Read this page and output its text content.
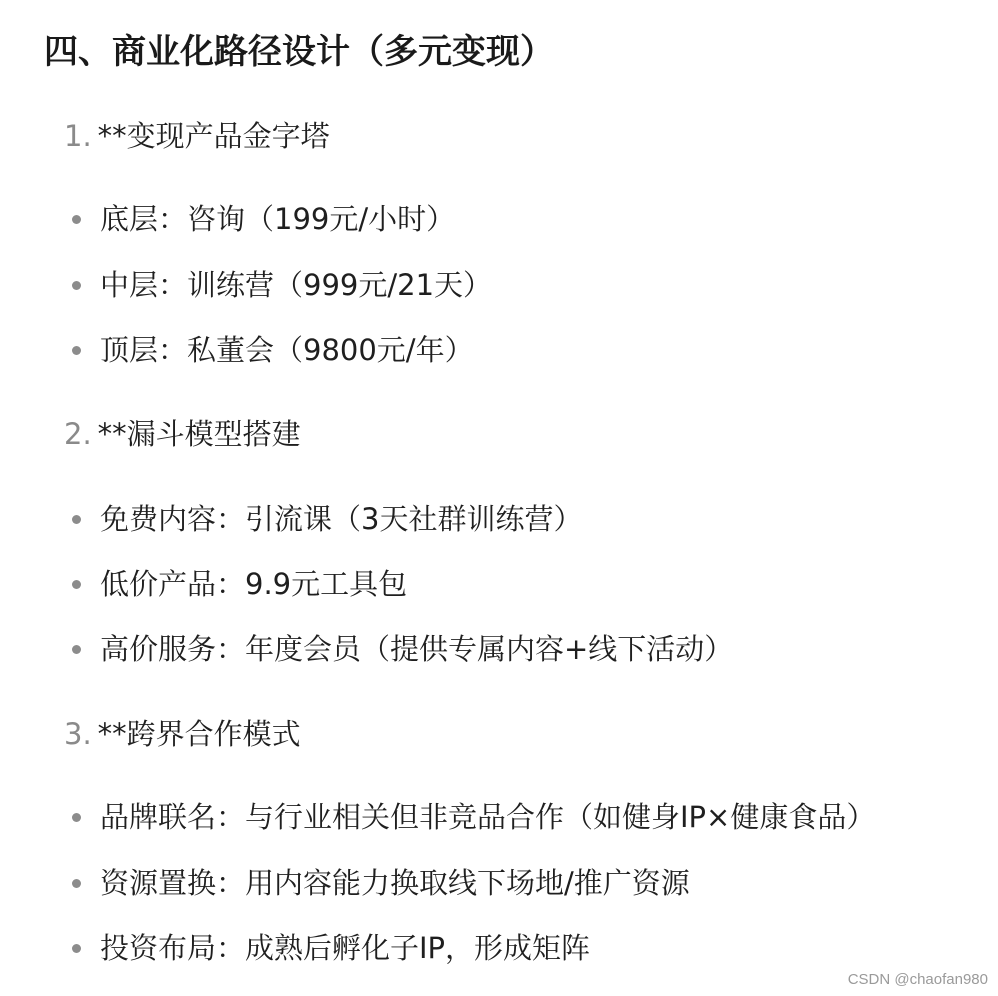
四、商业化路径设计（多元变现）
1. **变现产品金字塔
底层：咨询（199元/小时）
中层：训练营（999元/21天）
顶层：私董会（9800元/年）
2. **漏斗模型搭建
免费内容：引流课（3天社群训练营）
低价产品：9.9元工具包
高价服务：年度会员（提供专属内容+线下活动）
3. **跨界合作模式
品牌联名：与行业相关但非竞品合作（如健身IP×健康食品）
资源置换：用内容能力换取线下场地/推广资源
投资布局：成熟后孵化子IP，形成矩阵
CSDN @chaofan980
